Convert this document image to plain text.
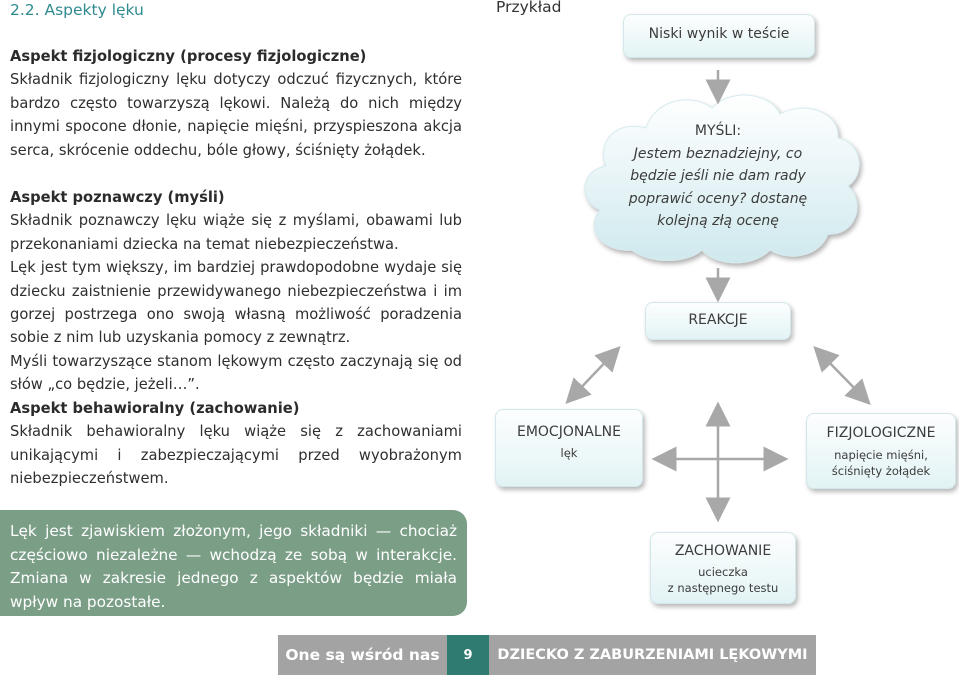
2.2. Aspekty lęku
Aspekt fizjologiczny (procesy fizjologiczne)

Składnik fizjologiczny lęku dotyczy odczuć fizycznych, które bardzo często towarzyszą lękowi. Należą do nich między innymi spocone dłonie, napięcie mięśni, przyspieszona akcja serca, skrócenie oddechu, bóle głowy, ściśnięty żołądek.

Aspekt poznawczy (myśli)

Składnik poznawczy lęku wiąże się z myślami, obawami lub przekonaniami dziecka na temat niebezpieczeństwa.

Lęk jest tym większy, im bardziej prawdopodobne wydaje się dziecku zaistnienie przewidywanego niebezpieczeństwa i im gorzej postrzega ono swoją własną możliwość poradzenia sobie z nim lub uzyskania pomocy z zewnątrz.

Myśli towarzyszące stanom lękowym często zaczynają się od słów „co będzie, jeżeli…”.

Aspekt behawioralny (zachowanie)

Składnik behawioralny lęku wiąże się z zachowaniami unikającymi i zabezpieczającymi przed wyobrażonym niebezpieczeństwem.

Lęk jest zjawiskiem złożonym, jego składniki — chociaż częściowo niezależne — wchodzą ze sobą w interakcje. Zmiana w zakresie jednego z aspektów będzie miała wpływ na pozostałe.
Przykład
Niski wynik w teście
MYŚLI:
Jestem beznadziejny, co
będzie jeśli nie dam rady
poprawić oceny? dostanę
kolejną złą ocenę
REAKCJE
EMOCJONALNE
lęk
FIZJOLOGICZNE
napięcie mięśni,
ściśnięty żołądek
ZACHOWANIE
ucieczka
z następnego testu
One są wśród nas	9	DZIECKO Z ZABURZENIAMI LĘKOWYMI
